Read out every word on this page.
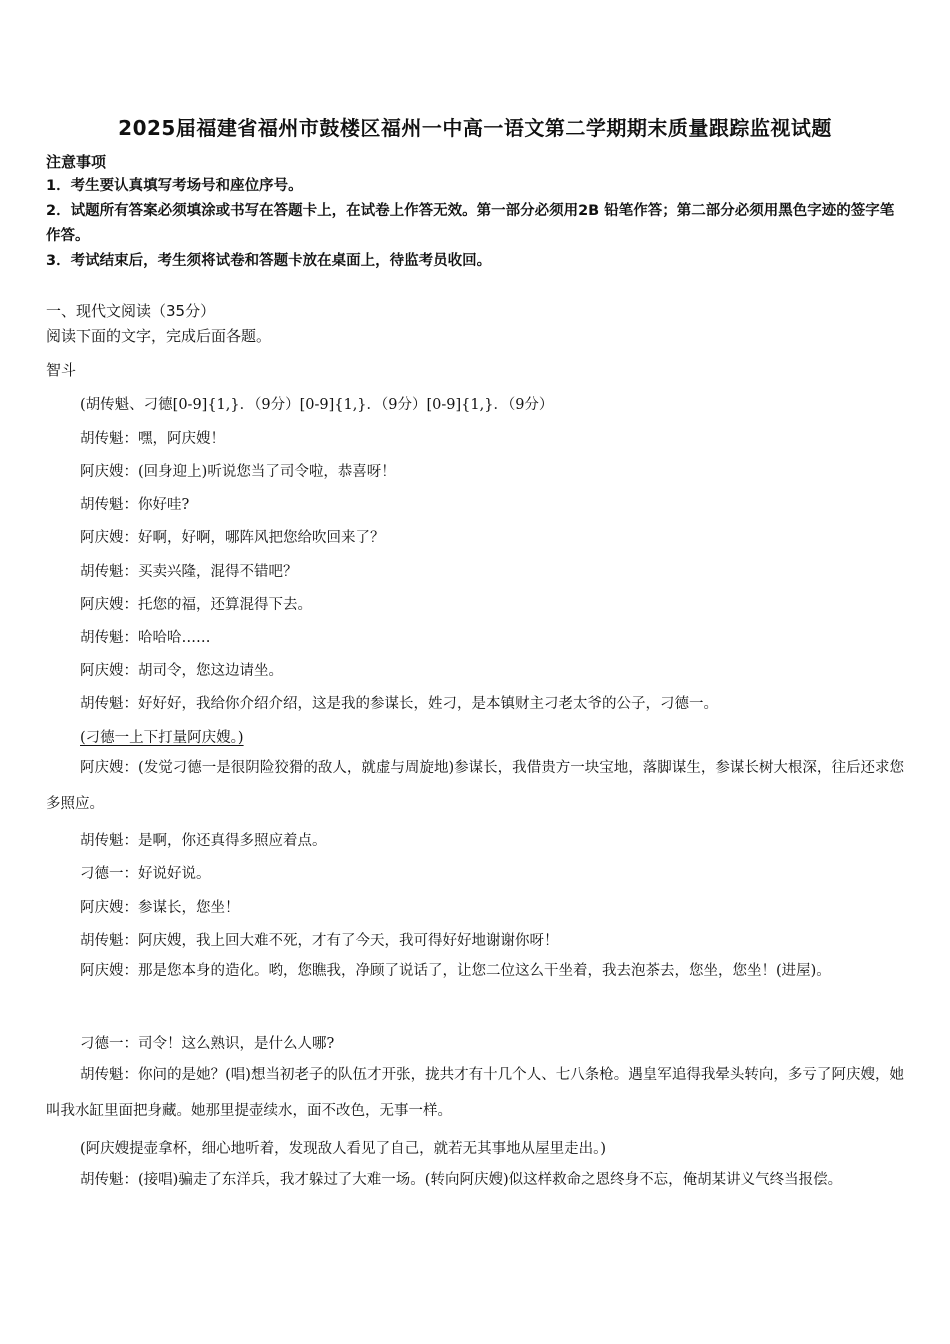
2025届福建省福州市鼓楼区福州一中高一语文第二学期期末质量跟踪监视试题
注意事项
1．考生要认真填写考场号和座位序号。
2．试题所有答案必须填涂或书写在答题卡上，在试卷上作答无效。第一部分必须用2B 铅笔作答；第二部分必须用黑色字迹的签字笔作答。
3．考试结束后，考生须将试卷和答题卡放在桌面上，待监考员收回。
一、现代文阅读（35分）
阅读下面的文字，完成后面各题。
智斗
(胡传魁、刁德[0-9]{1,}．（9分）[0-9]{1,}．（9分）[0-9]{1,}．（9分）
胡传魁：嘿，阿庆嫂！
阿庆嫂：(回身迎上)听说您当了司令啦，恭喜呀！
胡传魁：你好哇?
阿庆嫂：好啊，好啊，哪阵风把您给吹回来了？
胡传魁：买卖兴隆，混得不错吧？
阿庆嫂：托您的福，还算混得下去。
胡传魁：哈哈哈……
阿庆嫂：胡司令，您这边请坐。
胡传魁：好好好，我给你介绍介绍，这是我的参谋长，姓刁，是本镇财主刁老太爷的公子，刁德一。
(刁德一上下打量阿庆嫂。)
阿庆嫂：(发觉刁德一是很阴险狡猾的敌人，就虚与周旋地)参谋长，我借贵方一块宝地，落脚谋生，参谋长树大根深，往后还求您多照应。
胡传魁：是啊，你还真得多照应着点。
刁德一：好说好说。
阿庆嫂：参谋长，您坐！
胡传魁：阿庆嫂，我上回大难不死，才有了今天，我可得好好地谢谢你呀！
阿庆嫂：那是您本身的造化。哟，您瞧我，净顾了说话了，让您二位这么干坐着，我去泡茶去，您坐，您坐！(进屋)。
刁德一：司令！这么熟识，是什么人哪?
胡传魁：你问的是她？(唱)想当初老子的队伍才开张，拢共才有十几个人、七八条枪。遇皇军追得我晕头转向，多亏了阿庆嫂，她叫我水缸里面把身藏。她那里提壶续水，面不改色，无事一样。
(阿庆嫂提壶拿杯，细心地听着，发现敌人看见了自己，就若无其事地从屋里走出。)
胡传魁：(接唱)骗走了东洋兵，我才躲过了大难一场。(转向阿庆嫂)似这样救命之恩终身不忘，俺胡某讲义气终当报偿。
